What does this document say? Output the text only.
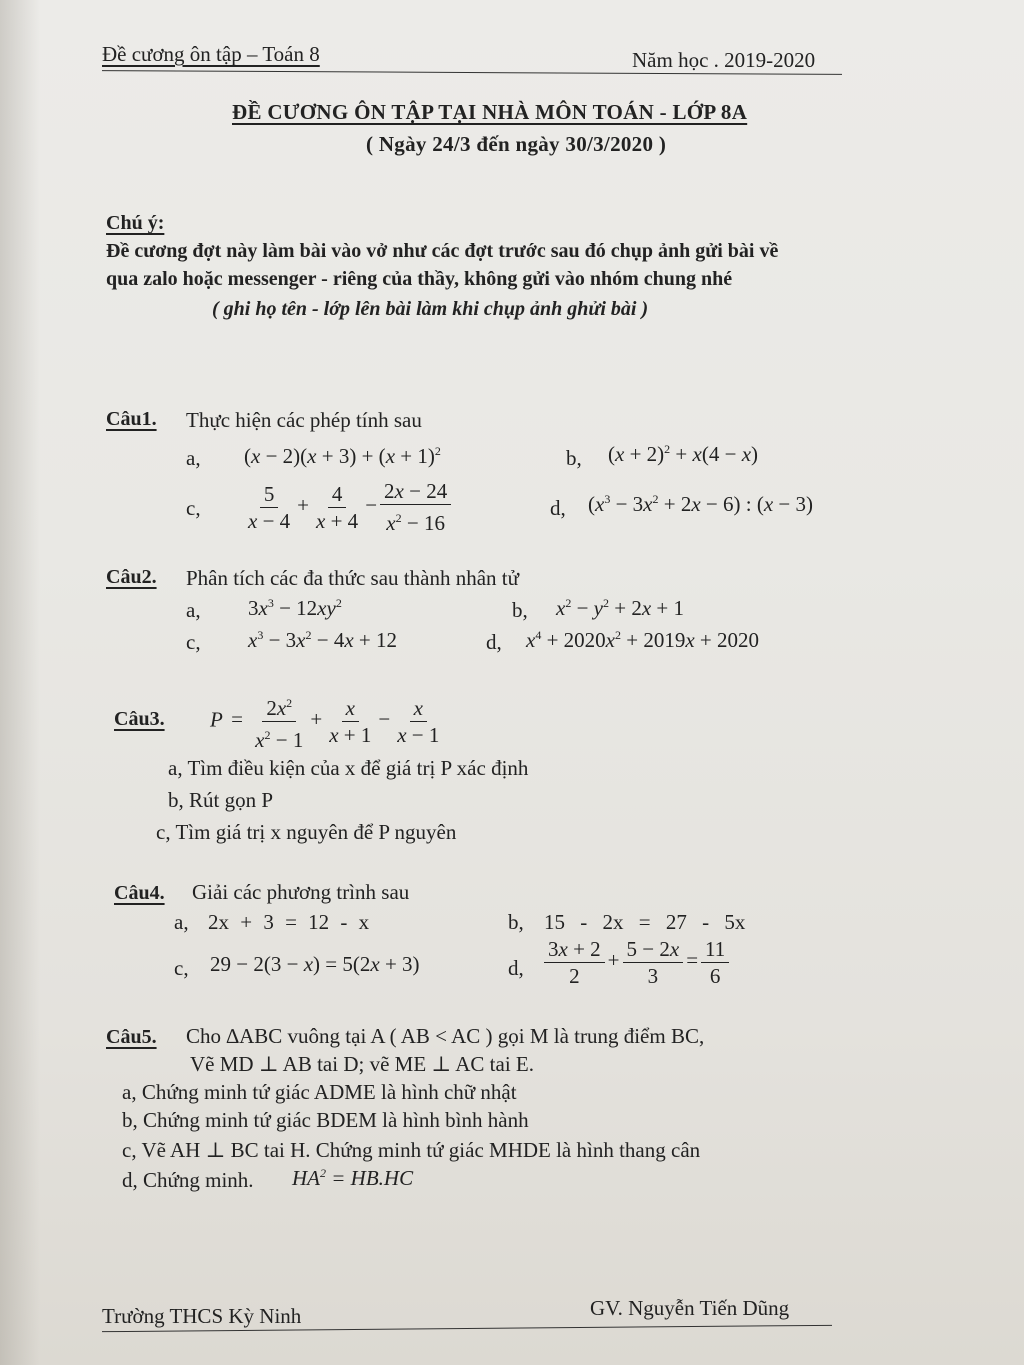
Đề cương ôn tập – Toán 8	Năm học . 2019-2020
ĐỀ CƯƠNG ÔN TẬP TẠI NHÀ MÔN TOÁN - LỚP 8A
( Ngày 24/3 đến ngày 30/3/2020 )
Chú ý:
Đề cương đợt này làm bài vào vở như các đợt trước sau đó chụp ảnh gửi bài về
qua zalo hoặc messenger - riêng của thầy, không gửi vào nhóm chung nhé
( ghi họ tên - lớp lên bài làm khi chụp ảnh ghửi bài )
Câu1. Thực hiện các phép tính sau
a, $(x - 2)(x + 3) + (x + 1)^2$	b, $(x + 2)^2 + x(4 - x)$
c, $\frac{5}{x - 4} + \frac{4}{x + 4} - \frac{2x - 24}{x^2 - 16}$	d, $(x^3 - 3x^2 + 2x - 6)$ : (x − 3)
Câu2. Phân tích các đa thức sau thành nhân tử
a, $3x^3 - 12xy^2$	b, $x^2 - y^2 + 2x + 1$
c, $x^3 - 3x^2 - 4x + 12$	d, $x^4 + 2020x^2 + 2019x + 2020$
Câu3. $P = \frac{2x^2}{x^2 - 1} + \frac{x}{x + 1} - \frac{x}{x - 1}$
a, Tìm điều kiện của x để giá trị P xác định
b, Rút gọn P
c, Tìm giá trị x nguyên để P nguyên
Câu4. Giải các phương trình sau
a, 2x + 3 = 12 - x	b, 15 - 2x = 27 - 5x
c, 29 − 2(3 − x) = 5(2x + 3)	d, $\frac{3x + 2}{2} + \frac{5 - 2x}{3} = \frac{11}{6}$
Câu5. Cho ∆ABC vuông tại A ( AB < AC ) gọi M là trung điểm BC,
Vẽ MD ⊥ AB tai D; vẽ ME ⊥ AC tai E.
a, Chứng minh tứ giác ADME là hình chữ nhật
b, Chứng minh tứ giác BDEM là hình bình hành
c, Vẽ AH ⊥ BC tai H. Chứng minh tứ giác MHDE là hình thang cân
d, Chứng minh. $HA^2 = HB.HC$
Trường THCS Kỳ Ninh	GV. Nguyễn Tiến Dũng
